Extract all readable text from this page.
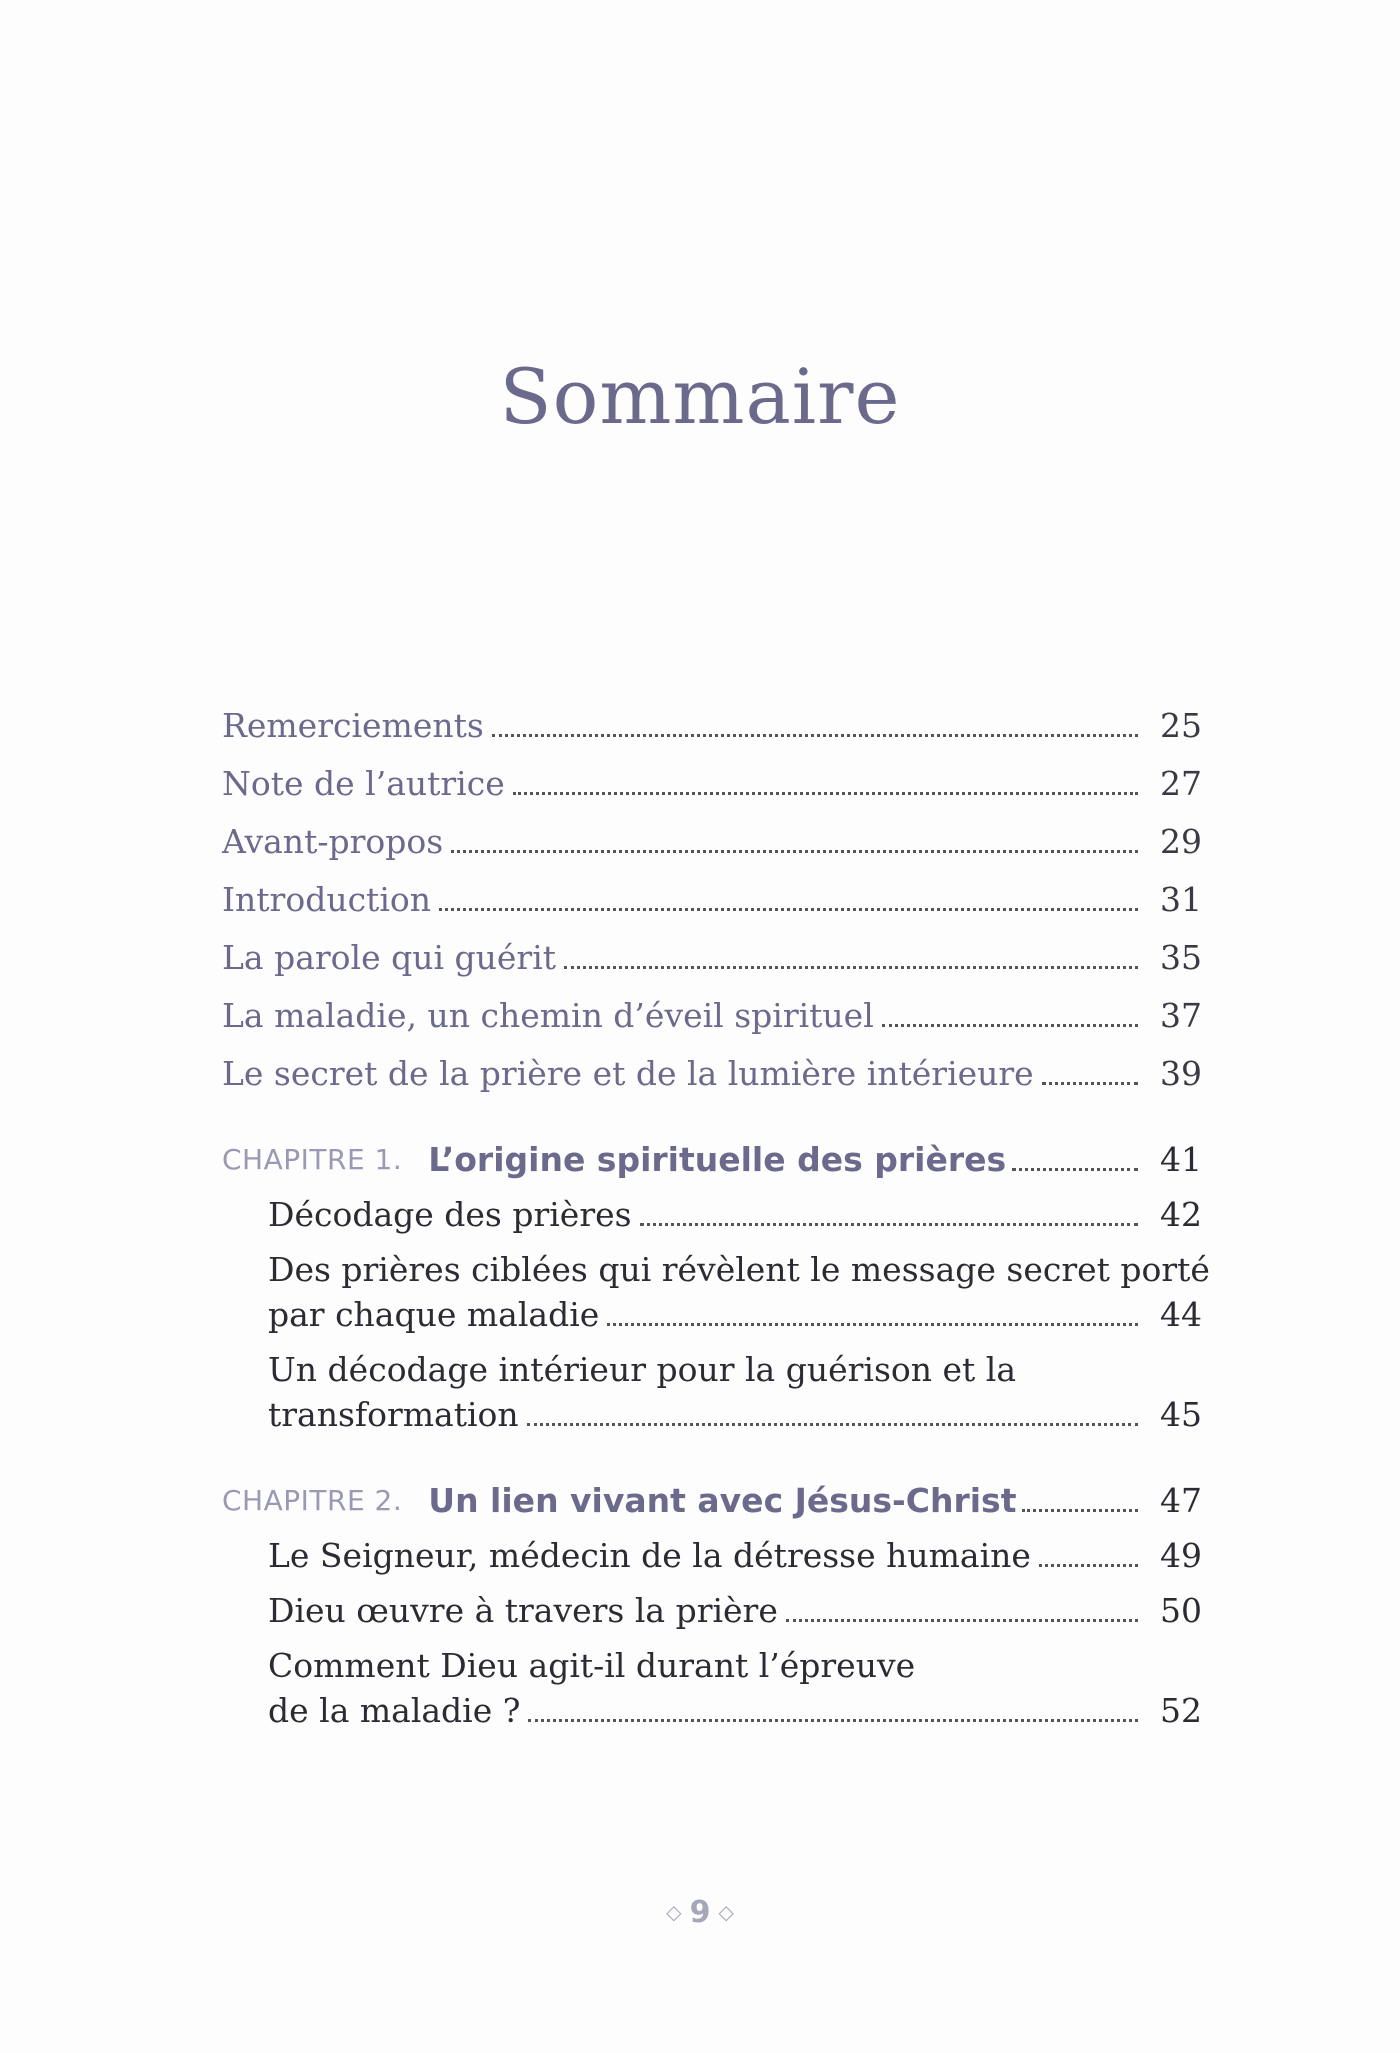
Sommaire
Remerciements	25
Note de l’autrice	27
Avant-propos	29
Introduction	31
La parole qui guérit	35
La maladie, un chemin d’éveil spirituel	37
Le secret de la prière et de la lumière intérieure	39
CHAPITRE 1. L’origine spirituelle des prières	41
Décodage des prières	42
Des prières ciblées qui révèlent le message secret porté
par chaque maladie	44
Un décodage intérieur pour la guérison et la
transformation	45
CHAPITRE 2. Un lien vivant avec Jésus-Christ	47
Le Seigneur, médecin de la détresse humaine	49
Dieu œuvre à travers la prière	50
Comment Dieu agit-il durant l’épreuve
de la maladie ?	52
◇ 9 ◇
